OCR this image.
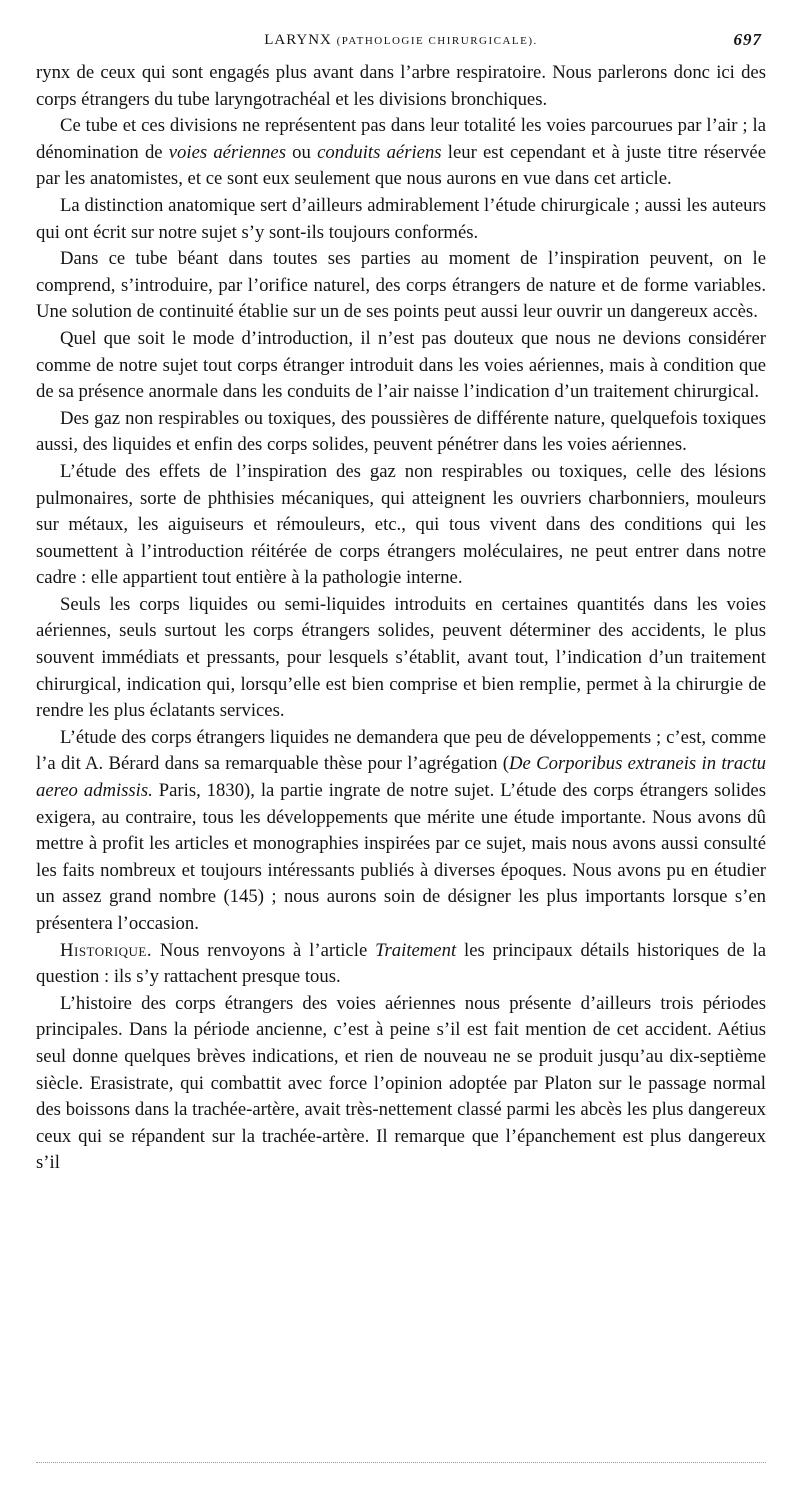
LARYNX (PATHOLOGIE CHIRURGICALE).	697

rynx de ceux qui sont engagés plus avant dans l’arbre respiratoire. Nous parlerons donc ici des corps étrangers du tube laryngotrachéal et les divisions bronchiques.

Ce tube et ces divisions ne représentent pas dans leur totalité les voies parcourues par l’air ; la dénomination de voies aériennes ou conduits aériens leur est cependant et à juste titre réservée par les anatomistes, et ce sont eux seulement que nous aurons en vue dans cet article.

La distinction anatomique sert d’ailleurs admirablement l’étude chirurgicale ; aussi les auteurs qui ont écrit sur notre sujet s’y sont-ils toujours conformés.

Dans ce tube béant dans toutes ses parties au moment de l’inspiration peuvent, on le comprend, s’introduire, par l’orifice naturel, des corps étrangers de nature et de forme variables. Une solution de continuité établie sur un de ses points peut aussi leur ouvrir un dangereux accès.

Quel que soit le mode d’introduction, il n’est pas douteux que nous ne devions considérer comme de notre sujet tout corps étranger introduit dans les voies aériennes, mais à condition que de sa présence anormale dans les conduits de l’air naisse l’indication d’un traitement chirurgical.

Des gaz non respirables ou toxiques, des poussières de différente nature, quelquefois toxiques aussi, des liquides et enfin des corps solides, peuvent pénétrer dans les voies aériennes.

L’étude des effets de l’inspiration des gaz non respirables ou toxiques, celle des lésions pulmonaires, sorte de phthisies mécaniques, qui atteignent les ouvriers charbonniers, mouleurs sur métaux, les aiguiseurs et rémouleurs, etc., qui tous vivent dans des conditions qui les soumettent à l’introduction réitérée de corps étrangers moléculaires, ne peut entrer dans notre cadre : elle appartient tout entière à la pathologie interne.

Seuls les corps liquides ou semi-liquides introduits en certaines quantités dans les voies aériennes, seuls surtout les corps étrangers solides, peuvent déterminer des accidents, le plus souvent immédiats et pressants, pour lesquels s’établit, avant tout, l’indication d’un traitement chirurgical, indication qui, lorsqu’elle est bien comprise et bien remplie, permet à la chirurgie de rendre les plus éclatants services.

L’étude des corps étrangers liquides ne demandera que peu de développements ; c’est, comme l’a dit A. Bérard dans sa remarquable thèse pour l’agrégation (De Corporibus extraneis in tractu aereo admissis. Paris, 1830), la partie ingrate de notre sujet. L’étude des corps étrangers solides exigera, au contraire, tous les développements que mérite une étude importante. Nous avons dû mettre à profit les articles et monographies inspirées par ce sujet, mais nous avons aussi consulté les faits nombreux et toujours intéressants publiés à diverses époques. Nous avons pu en étudier un assez grand nombre (145) ; nous aurons soin de désigner les plus importants lorsque s’en présentera l’occasion.

Historique. Nous renvoyons à l’article Traitement les principaux détails historiques de la question : ils s’y rattachent presque tous.

L’histoire des corps étrangers des voies aériennes nous présente d’ailleurs trois périodes principales. Dans la période ancienne, c’est à peine s’il est fait mention de cet accident. Aétius seul donne quelques brèves indications, et rien de nouveau ne se produit jusqu’au dix-septième siècle. Erasistrate, qui combattit avec force l’opinion adoptée par Platon sur le passage normal des boissons dans la trachée-artère, avait très-nettement classé parmi les abcès les plus dangereux ceux qui se répandent sur la trachée-artère. Il remarque que l’épanchement est plus dangereux s’il
